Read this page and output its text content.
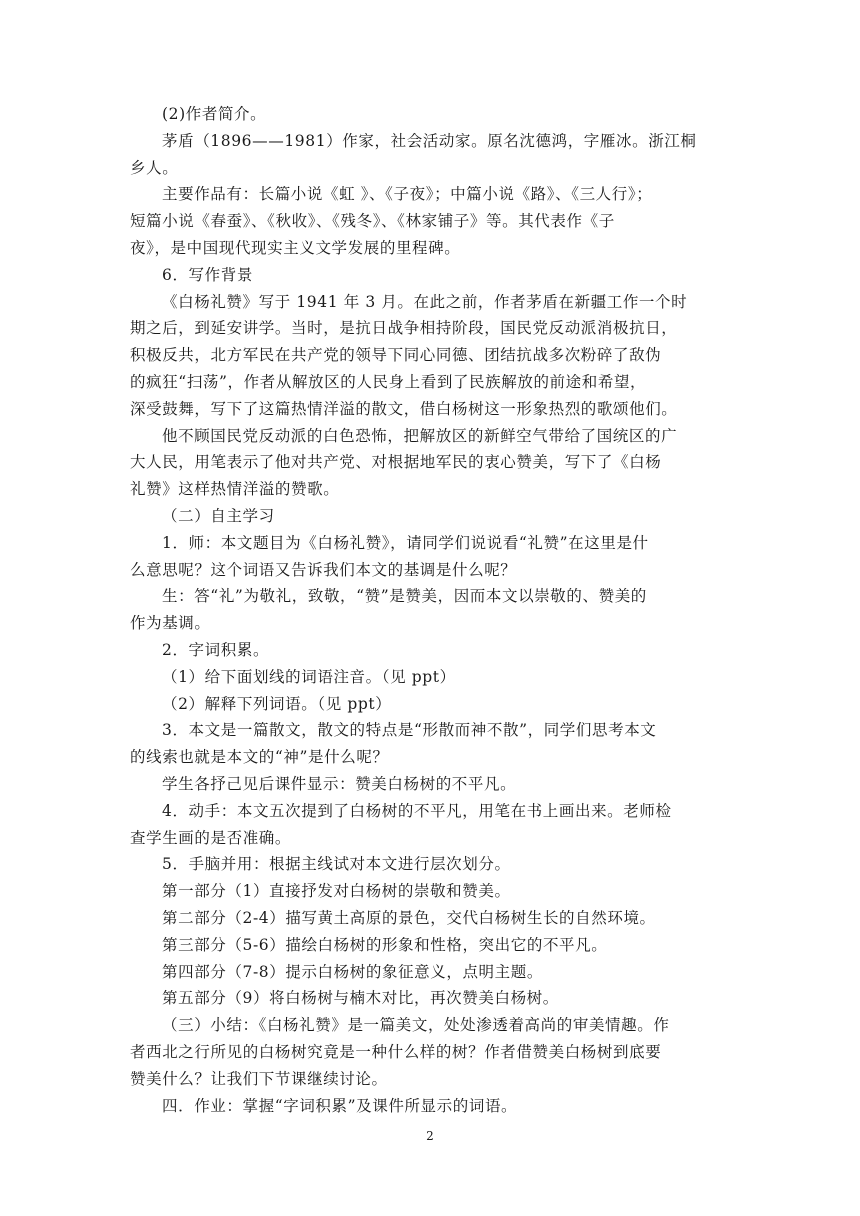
(2)作者简介。
茅盾（1896——1981）作家，社会活动家。原名沈德鸿，字雁冰。浙江桐
乡人。
主要作品有：长篇小说《虹 》、《子夜》；中篇小说《路》、《三人行》；
短篇小说《春蚕》、《秋收》、《残冬》、《林家铺子》等。其代表作《子
夜》，是中国现代现实主义文学发展的里程碑。
6．写作背景
《白杨礼赞》写于 1941 年 3 月。在此之前，作者茅盾在新疆工作一个时
期之后，到延安讲学。当时，是抗日战争相持阶段，国民党反动派消极抗日，
积极反共，北方军民在共产党的领导下同心同德、团结抗战多次粉碎了敌伪
的疯狂“扫荡”，作者从解放区的人民身上看到了民族解放的前途和希望，
深受鼓舞，写下了这篇热情洋溢的散文，借白杨树这一形象热烈的歌颂他们。
他不顾国民党反动派的白色恐怖，把解放区的新鲜空气带给了国统区的广
大人民，用笔表示了他对共产党、对根据地军民的衷心赞美，写下了《白杨
礼赞》这样热情洋溢的赞歌。
（二）自主学习
1．师：本文题目为《白杨礼赞》，请同学们说说看“礼赞”在这里是什
么意思呢？这个词语又告诉我们本文的基调是什么呢？
生：答“礼”为敬礼，致敬，“赞”是赞美，因而本文以崇敬的、赞美的
作为基调。
2．字词积累。
（1）给下面划线的词语注音。（见 ppt）
（2）解释下列词语。（见 ppt）
3．本文是一篇散文，散文的特点是“形散而神不散”，同学们思考本文
的线索也就是本文的“神”是什么呢？
学生各抒己见后课件显示：赞美白杨树的不平凡。
4．动手：本文五次提到了白杨树的不平凡，用笔在书上画出来。老师检
查学生画的是否准确。
5．手脑并用：根据主线试对本文进行层次划分。
第一部分（1）直接抒发对白杨树的崇敬和赞美。
第二部分（2-4）描写黄土高原的景色，交代白杨树生长的自然环境。
第三部分（5-6）描绘白杨树的形象和性格，突出它的不平凡。
第四部分（7-8）提示白杨树的象征意义，点明主题。
第五部分（9）将白杨树与楠木对比，再次赞美白杨树。
（三）小结：《白杨礼赞》是一篇美文，处处渗透着高尚的审美情趣。作
者西北之行所见的白杨树究竟是一种什么样的树？作者借赞美白杨树到底要
赞美什么？让我们下节课继续讨论。
四．作业：掌握“字词积累”及课件所显示的词语。
2
